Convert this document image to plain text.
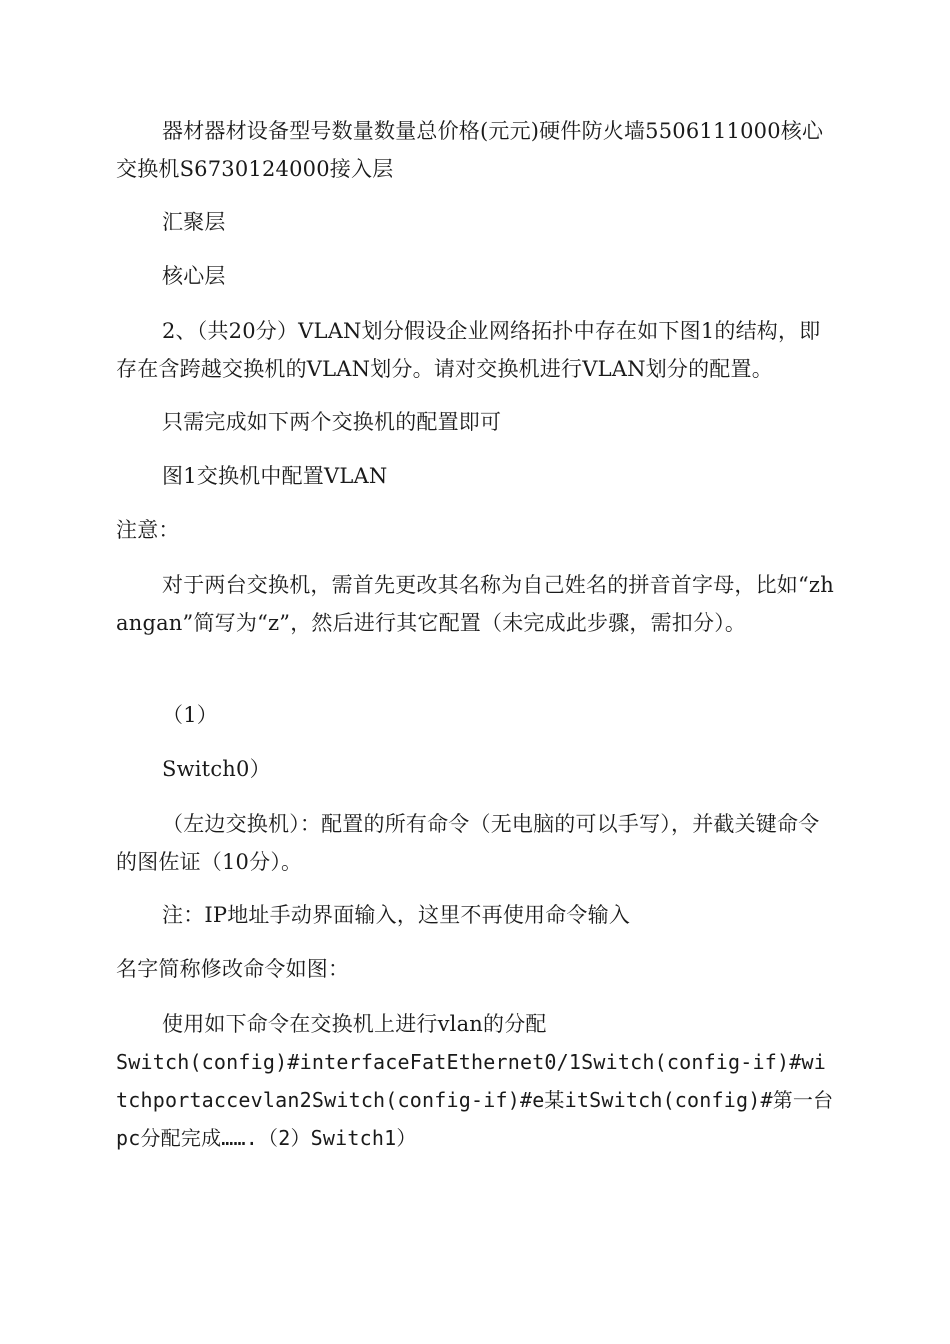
器材器材设备型号数量数量总价格(元元)硬件防火墙5506111000核心交换机S6730124000接入层
汇聚层
核心层
2、（共20分）VLAN划分假设企业网络拓扑中存在如下图1的结构，即存在含跨越交换机的VLAN划分。请对交换机进行VLAN划分的配置。
只需完成如下两个交换机的配置即可
图1交换机中配置VLAN
注意：
对于两台交换机，需首先更改其名称为自己姓名的拼音首字母，比如“zhangan”简写为“z”，然后进行其它配置（未完成此步骤，需扣分）。
（1）
Switch0）
（左边交换机）：配置的所有命令（无电脑的可以手写），并截关键命令的图佐证（10分）。
注：IP地址手动界面输入，这里不再使用命令输入
名字简称修改命令如图：
使用如下命令在交换机上进行vlan的分配
Switch(config)#interfaceFatEthernet0/1Switch(config-if)#witchportaccevlan2Switch(config-if)#e某itSwitch(config)#第一台pc分配完成…….（2）Switch1）
